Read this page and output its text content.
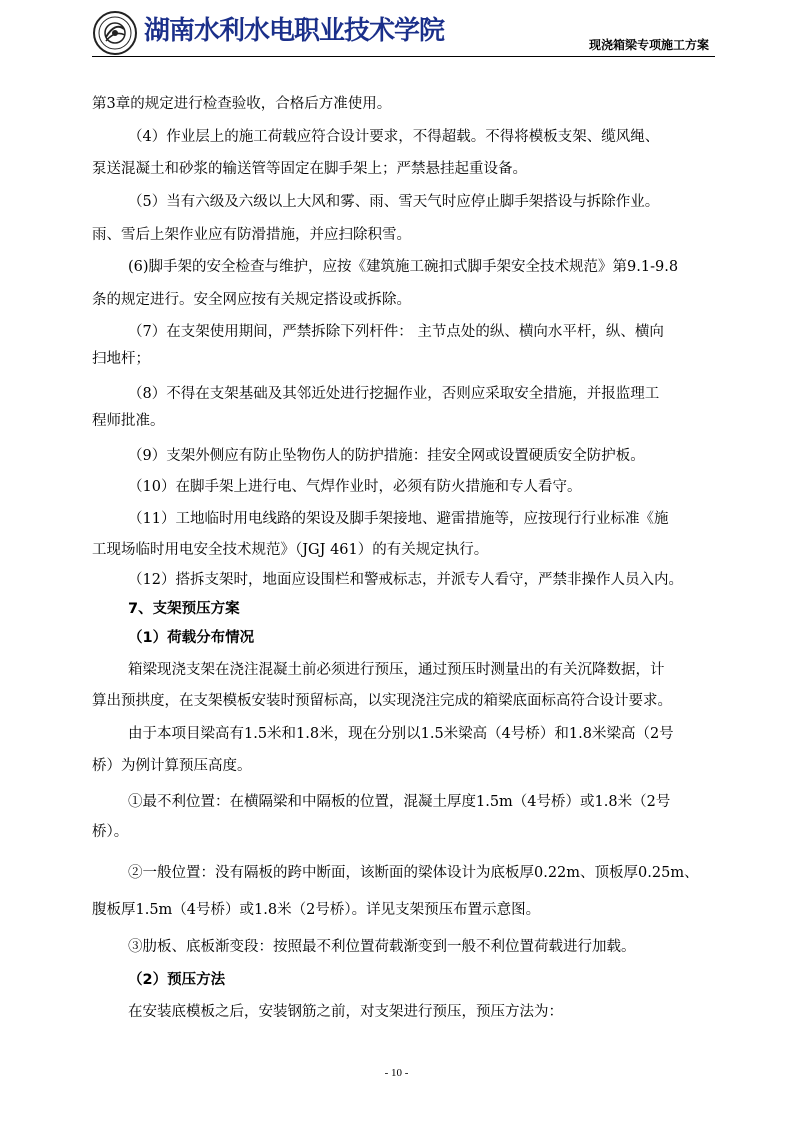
湖南水利水电职业技术学院	现浇箱梁专项施工方案
第3章的规定进行检查验收，合格后方准使用。
（4）作业层上的施工荷载应符合设计要求，不得超载。不得将模板支架、缆风绳、
泵送混凝土和砂浆的输送管等固定在脚手架上；严禁悬挂起重设备。
（5）当有六级及六级以上大风和雾、雨、雪天气时应停止脚手架搭设与拆除作业。
雨、雪后上架作业应有防滑措施，并应扫除积雪。
(6)脚手架的安全检查与维护，应按《建筑施工碗扣式脚手架安全技术规范》第9.1-9.8
条的规定进行。安全网应按有关规定搭设或拆除。
（7）在支架使用期间，严禁拆除下列杆件： 主节点处的纵、横向水平杆，纵、横向
扫地杆；
（8）不得在支架基础及其邻近处进行挖掘作业，否则应采取安全措施，并报监理工
程师批准。
（9）支架外侧应有防止坠物伤人的防护措施：挂安全网或设置硬质安全防护板。
（10）在脚手架上进行电、气焊作业时，必须有防火措施和专人看守。
（11）工地临时用电线路的架设及脚手架接地、避雷措施等，应按现行行业标准《施
工现场临时用电安全技术规范》（JGJ 461）的有关规定执行。
（12）搭拆支架时，地面应设围栏和警戒标志，并派专人看守，严禁非操作人员入内。
7、支架预压方案
（1）荷载分布情况
箱梁现浇支架在浇注混凝土前必须进行预压，通过预压时测量出的有关沉降数据，计
算出预拱度，在支架模板安装时预留标高，以实现浇注完成的箱梁底面标高符合设计要求。
由于本项目梁高有1.5米和1.8米，现在分别以1.5米梁高（4号桥）和1.8米梁高（2号
桥）为例计算预压高度。
①最不利位置：在横隔梁和中隔板的位置，混凝土厚度1.5m（4号桥）或1.8米（2号
桥）。
②一般位置：没有隔板的跨中断面，该断面的梁体设计为底板厚0.22m、顶板厚0.25m、
腹板厚1.5m（4号桥）或1.8米（2号桥）。详见支架预压布置示意图。
③肋板、底板渐变段：按照最不利位置荷载渐变到一般不利位置荷载进行加载。
（2）预压方法
在安装底模板之后，安装钢筋之前，对支架进行预压，预压方法为：
- 10 -
